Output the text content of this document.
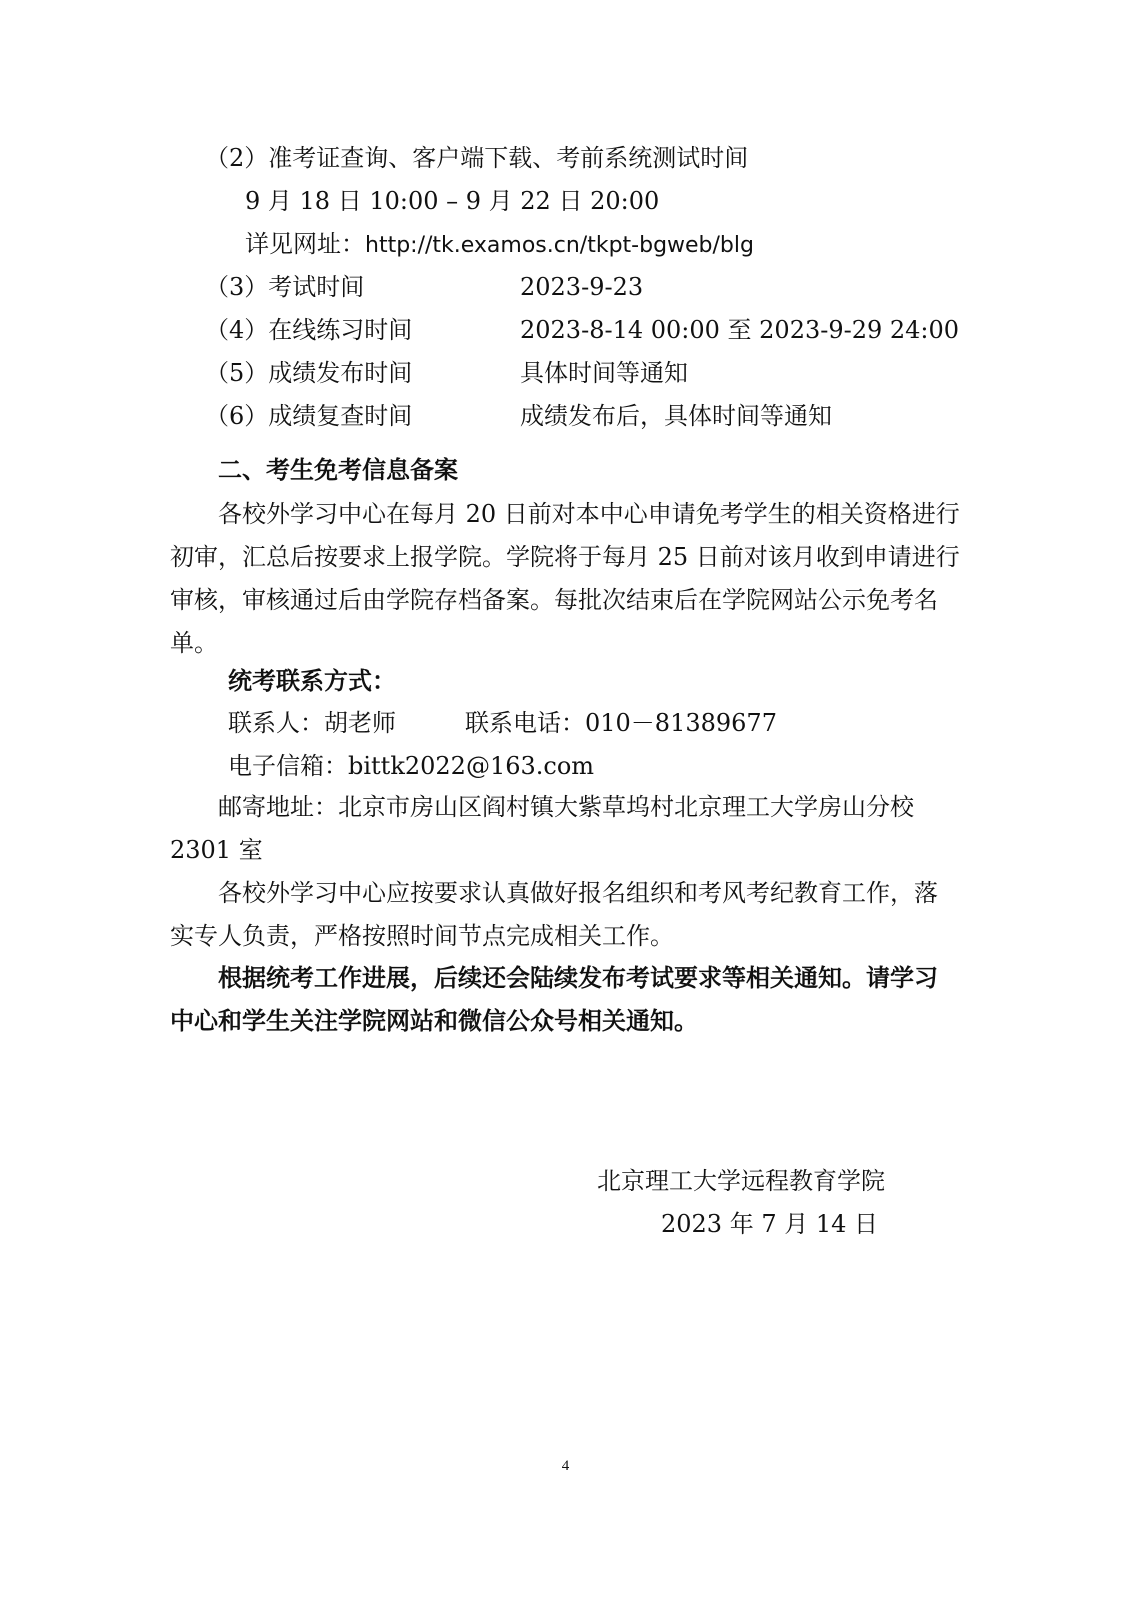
（2）准考证查询、客户端下载、考前系统测试时间
9 月 18 日 10:00 – 9 月 22 日 20:00
详见网址：http://tk.examos.cn/tkpt-bgweb/blg
（3）考试时间	2023-9-23
（4）在线练习时间	2023-8-14 00:00 至 2023-9-29 24:00
（5）成绩发布时间	具体时间等通知
（6）成绩复查时间	成绩发布后，具体时间等通知
二、考生免考信息备案
各校外学习中心在每月 20 日前对本中心申请免考学生的相关资格进行初审，汇总后按要求上报学院。学院将于每月 25 日前对该月收到申请进行审核，审核通过后由学院存档备案。每批次结束后在学院网站公示免考名单。
统考联系方式：
联系人：胡老师	联系电话：010－81389677
电子信箱：bittk2022@163.com
邮寄地址：北京市房山区阎村镇大紫草坞村北京理工大学房山分校 2301 室
各校外学习中心应按要求认真做好报名组织和考风考纪教育工作，落实专人负责，严格按照时间节点完成相关工作。
根据统考工作进展，后续还会陆续发布考试要求等相关通知。请学习中心和学生关注学院网站和微信公众号相关通知。
北京理工大学远程教育学院
2023 年 7 月 14 日
4
